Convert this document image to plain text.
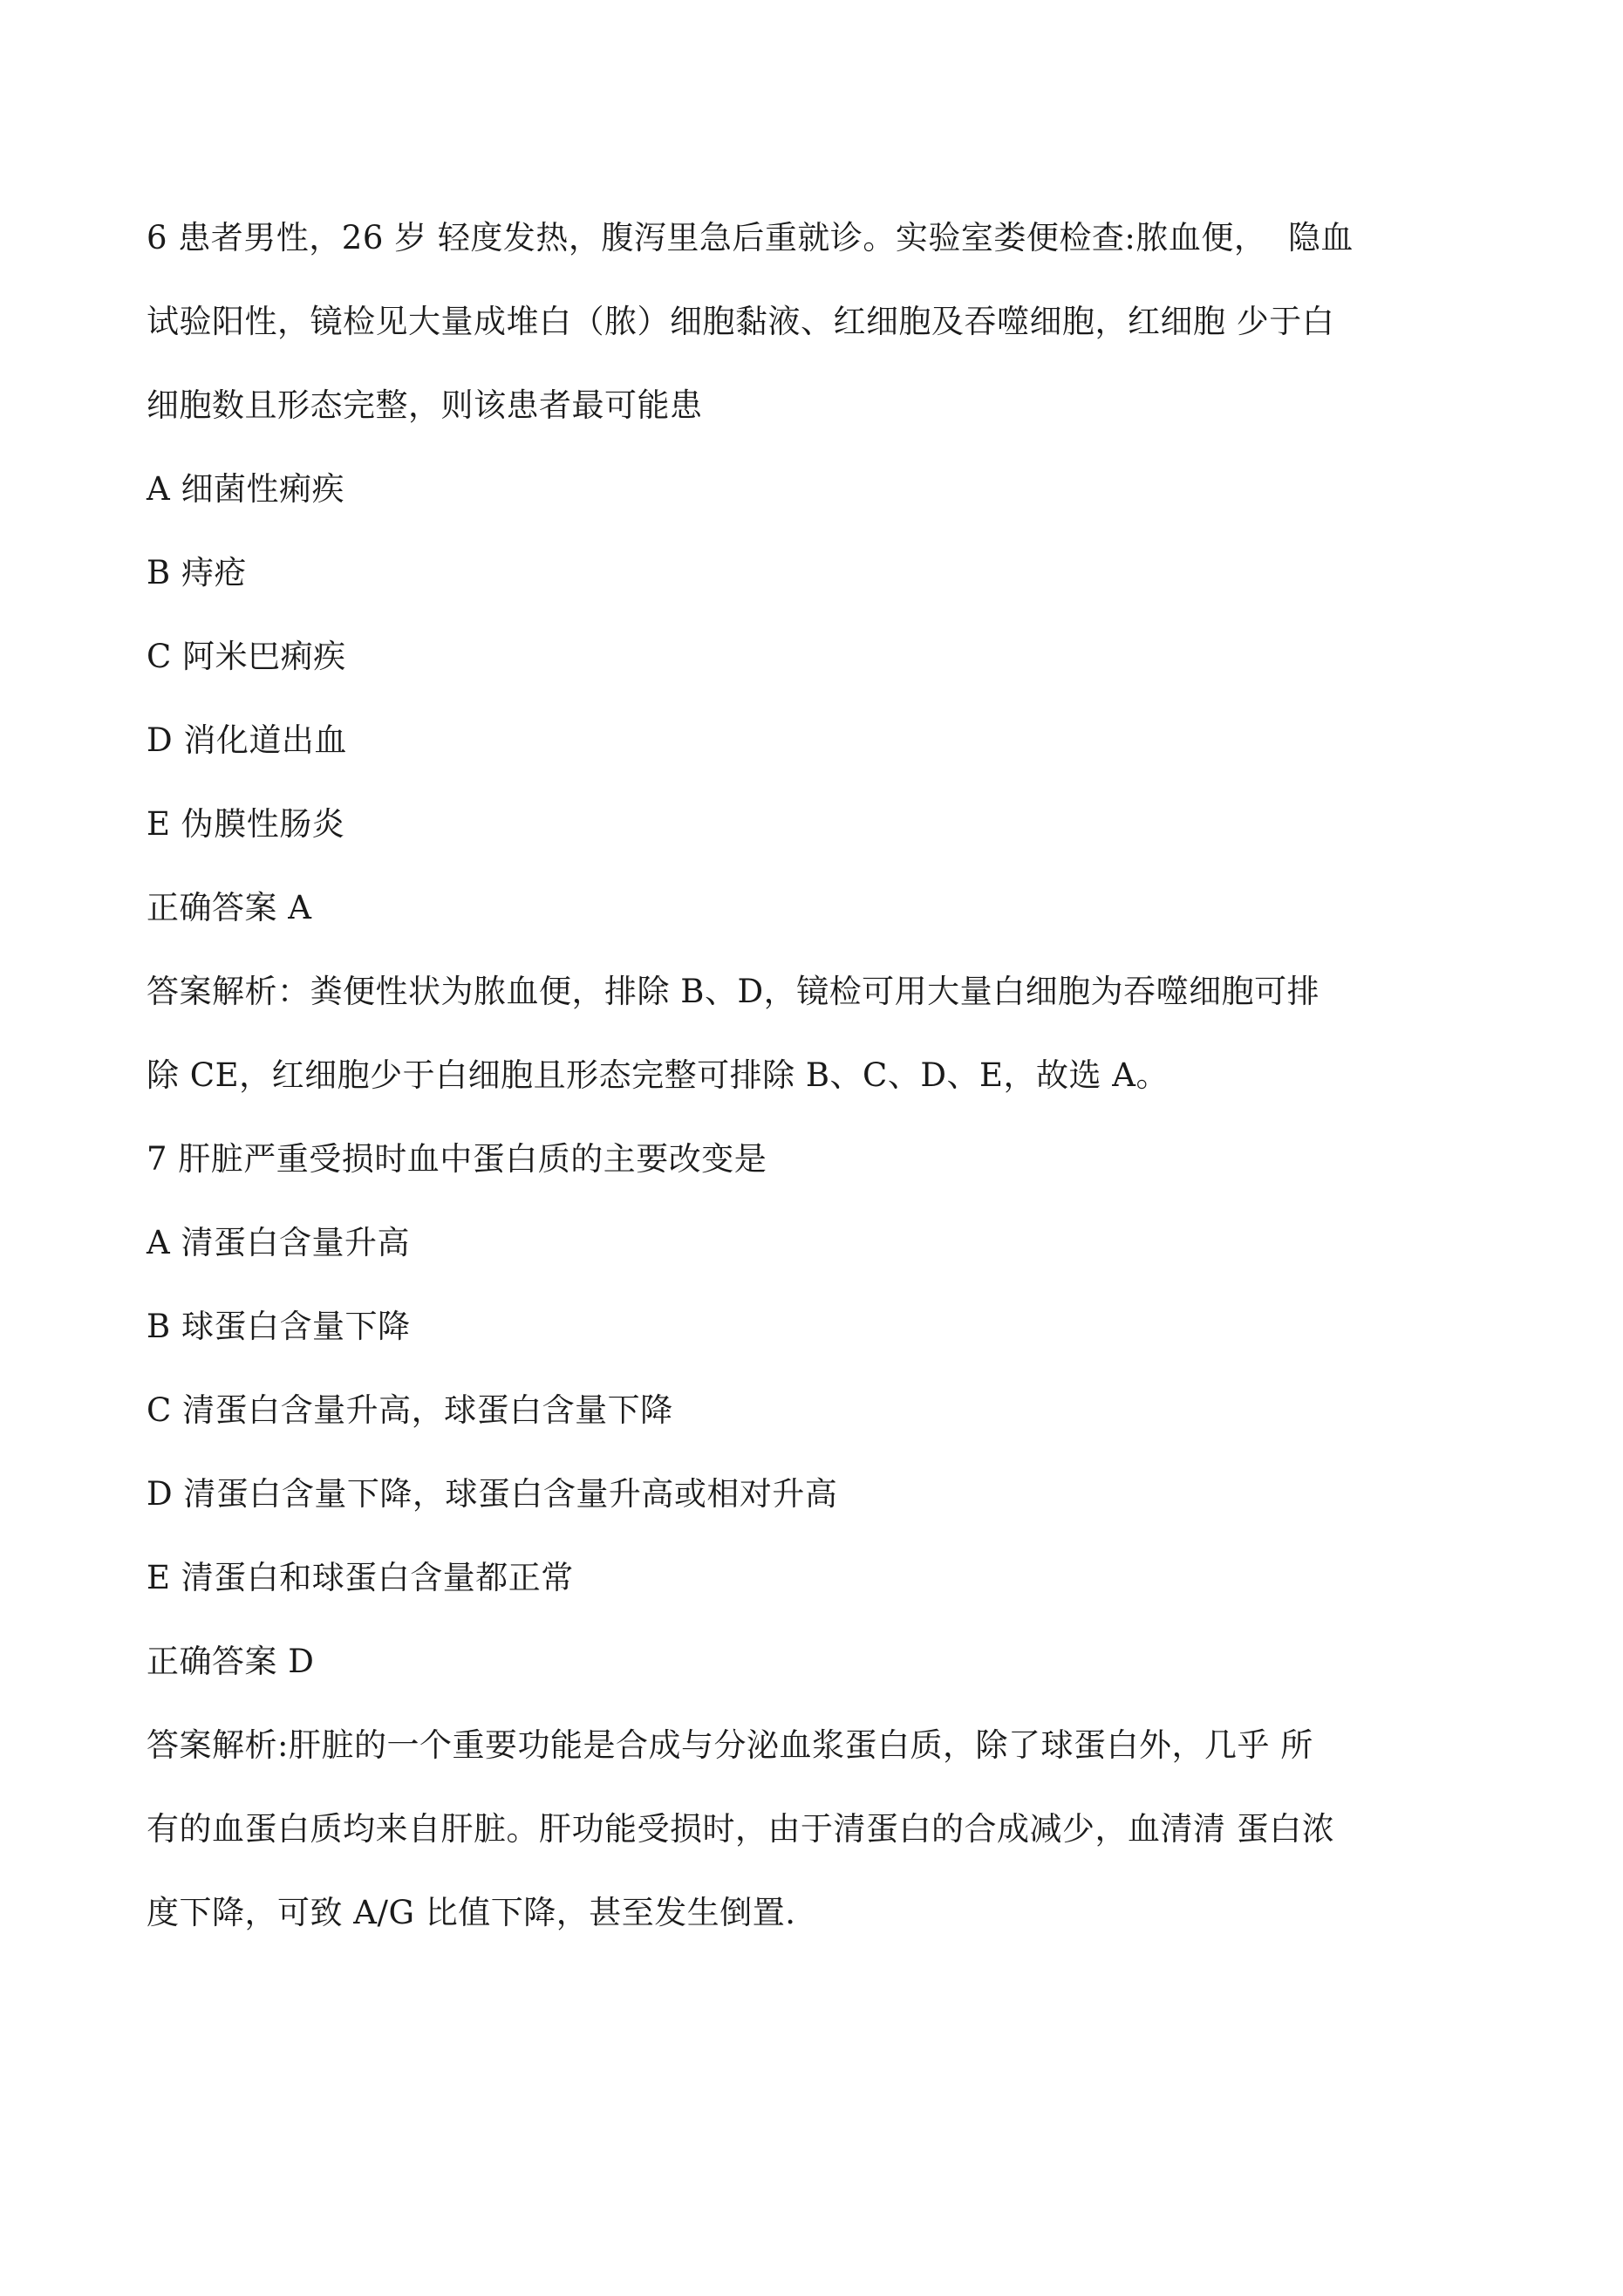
6 患者男性，26 岁 轻度发热，腹泻里急后重就诊。实验室娄便检查:脓血便，  隐血

试验阳性，镜检见大量成堆白（脓）细胞黏液、红细胞及吞噬细胞，红细胞 少于白

细胞数且形态完整，则该患者最可能患

A 细菌性痢疾

B 痔疮

C 阿米巴痢疾

D 消化道出血

E 伪膜性肠炎

正确答案 A

答案解析：粪便性状为脓血便，排除 B、D，镜检可用大量白细胞为吞噬细胞可排

除 CE，红细胞少于白细胞且形态完整可排除 B、C、D、E，故选 A。

7 肝脏严重受损时血中蛋白质的主要改变是

A 清蛋白含量升高

B 球蛋白含量下降

C 清蛋白含量升高，球蛋白含量下降

D 清蛋白含量下降，球蛋白含量升高或相对升高

E 清蛋白和球蛋白含量都正常

正确答案 D

答案解析:肝脏的一个重要功能是合成与分泌血浆蛋白质，除了球蛋白外，几乎 所

有的血蛋白质均来自肝脏。肝功能受损时，由于清蛋白的合成减少，血清清 蛋白浓

度下降，可致 A/G 比值下降，甚至发生倒置.
